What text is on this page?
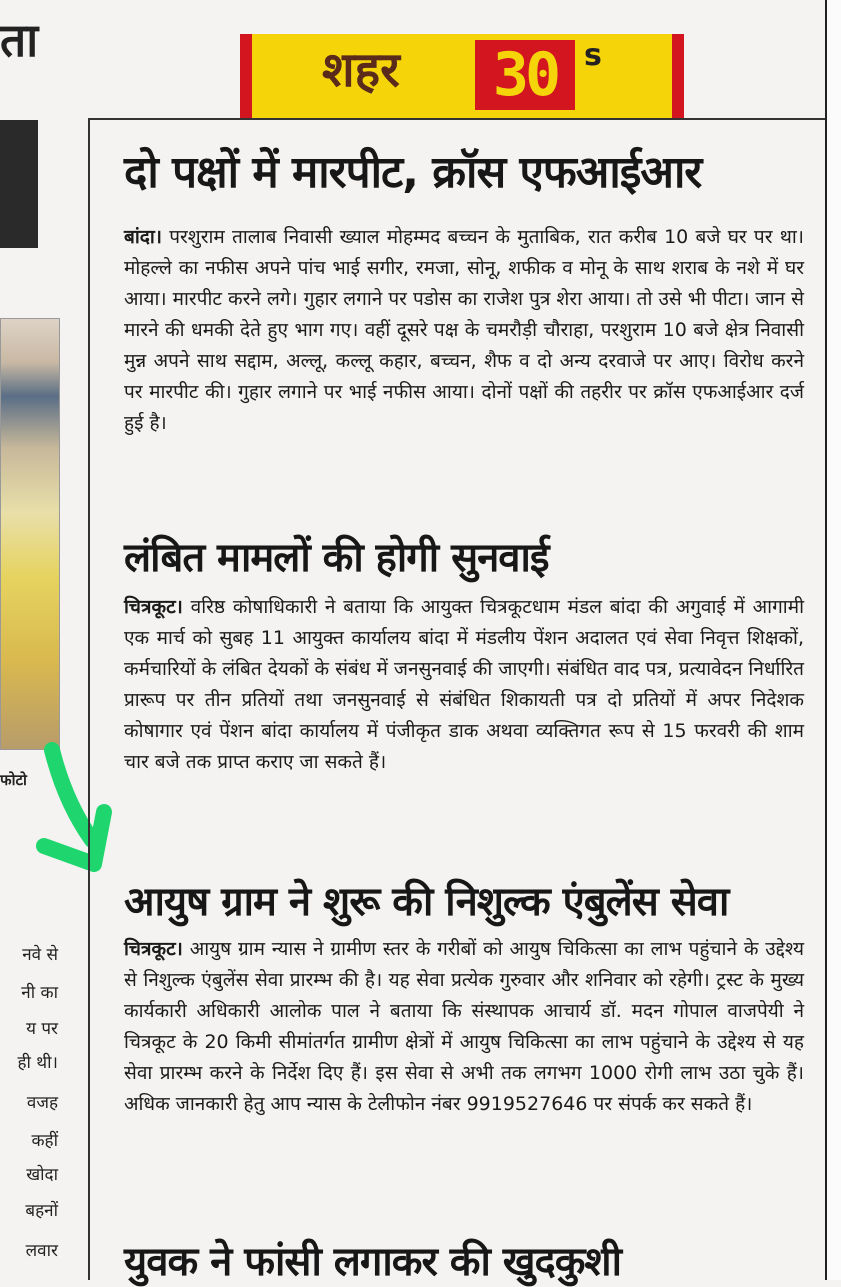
ता
फोटो
नवे से
नी का
य पर
ही थी।
वजह
कहीं
खोदा
बहनों
लवार
शहर 30 s
दो पक्षों में मारपीट, क्रॉस एफआईआर
बांदा। परशुराम तालाब निवासी ख्याल मोहम्मद बच्चन के मुताबिक, रात करीब 10 बजे घर पर था। मोहल्ले का नफीस अपने पांच भाई सगीर, रमजा, सोनू, शफीक व मोनू के साथ शराब के नशे में घर आया। मारपीट करने लगे। गुहार लगाने पर पडोस का राजेश पुत्र शेरा आया। तो उसे भी पीटा। जान से मारने की धमकी देते हुए भाग गए। वहीं दूसरे पक्ष के चमरौड़ी चौराहा, परशुराम 10 बजे क्षेत्र निवासी मुन्न अपने साथ सद्दाम, अल्लू, कल्लू कहार, बच्चन, शैफ व दो अन्य दरवाजे पर आए। विरोध करने पर मारपीट की। गुहार लगाने पर भाई नफीस आया। दोनों पक्षों की तहरीर पर क्रॉस एफआईआर दर्ज हुई है।
लंबित मामलों की होगी सुनवाई
चित्रकूट। वरिष्ठ कोषाधिकारी ने बताया कि आयुक्त चित्रकूटधाम मंडल बांदा की अगुवाई में आगामी एक मार्च को सुबह 11 आयुक्त कार्यालय बांदा में मंडलीय पेंशन अदालत एवं सेवा निवृत्त शिक्षकों, कर्मचारियों के लंबित देयकों के संबंध में जनसुनवाई की जाएगी। संबंधित वाद पत्र, प्रत्यावेदन निर्धारित प्रारूप पर तीन प्रतियों तथा जनसुनवाई से संबंधित शिकायती पत्र दो प्रतियों में अपर निदेशक कोषागार एवं पेंशन बांदा कार्यालय में पंजीकृत डाक अथवा व्यक्तिगत रूप से 15 फरवरी की शाम चार बजे तक प्राप्त कराए जा सकते हैं।
आयुष ग्राम ने शुरू की निशुल्क एंबुलेंस सेवा
चित्रकूट। आयुष ग्राम न्यास ने ग्रामीण स्तर के गरीबों को आयुष चिकित्सा का लाभ पहुंचाने के उद्देश्य से निशुल्क एंबुलेंस सेवा प्रारम्भ की है। यह सेवा प्रत्येक गुरुवार और शनिवार को रहेगी। ट्रस्ट के मुख्य कार्यकारी अधिकारी आलोक पाल ने बताया कि संस्थापक आचार्य डॉ. मदन गोपाल वाजपेयी ने चित्रकूट के 20 किमी सीमांतर्गत ग्रामीण क्षेत्रों में आयुष चिकित्सा का लाभ पहुंचाने के उद्देश्य से यह सेवा प्रारम्भ करने के निर्देश दिए हैं। इस सेवा से अभी तक लगभग 1000 रोगी लाभ उठा चुके हैं। अधिक जानकारी हेतु आप न्यास के टेलीफोन नंबर 9919527646 पर संपर्क कर सकते हैं।
युवक ने फांसी लगाकर की खुदकुशी
